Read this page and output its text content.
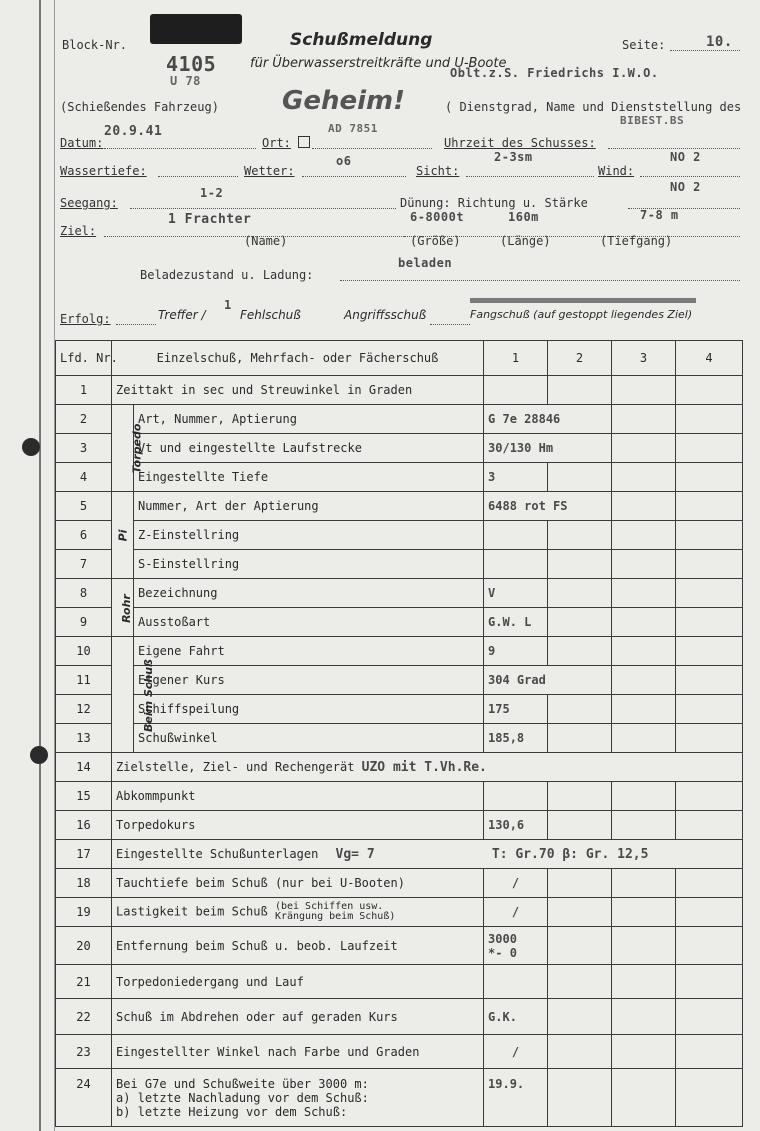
Block-Nr.
4105
U 78
Schußmeldung
für Überwasserstreitkräfte und U-Boote
Seite:	10.
Oblt.z.S. Friedrichs I.W.O.
(Schießendes Fahrzeug) Geheim!
AD 7851
( Dienstgrad, Name und Dienststellung des
BIBEST.BS
Datum:
20.9.41
Ort:	Uhrzeit des Schusses:
Wassertiefe:	Wetter:
o6
Sicht:
2-3sm
Wind:
NO 2
Seegang:
1-2
Dünung: Richtung u. Stärke
NO 2
Ziel:
1 Frachter	6-8000t	160m	7-8 m
(Name)	(Größe)	(Länge)	(Tiefgang)
Beladezustand u. Ladung:
beladen
Erfolg:	Treffer /
1
Fehlschuß	Angriffsschuß	Fangschuß (auf gestoppt liegendes Ziel)
Lfd. Nr.	Einzelschuß, Mehrfach- oder Fächerschuß		1	2	3	4
1	Zeittakt in sec und Streuwinkel in Graden					
2	Torpedo	Art, Nummer, Aptierung	G 7e 28846			
3		Vt und eingestellte Laufstrecke	30/130 Hm			
4		Eingestellte Tiefe	3			
5	Pi	Nummer, Art der Aptierung	6488 rot FS			
6		Z-Einstellring				
7		S-Einstellring				
8	Rohr	Bezeichnung	V			
9		Ausstoßart	G.W. L			
10	Beim Schuß	Eigene Fahrt	9			
11		Eigener Kurs	304 Grad			
12		Schiffspeilung	175			
13		Schußwinkel	185,8			
14	Zielstelle, Ziel- und Rechengerät UZO mit T.Vh.Re.					
15	Abkommpunkt					
16	Torpedokurs		130,6			
17	Eingestellte Schußunterlagen Vg= 7 T: Gr.70 β: Gr. 12,5					
18	Tauchtiefe beim Schuß (nur bei U-Booten)		/			
19	Lastigkeit beim Schuß (bei Schiffen usw. Krängung beim Schuß)		/			
20	Entfernung beim Schuß u. beob. Laufzeit		3000
*- 0			

21	Torpedoniedergang und Lauf					
22	Schuß im Abdrehen oder auf geraden Kurs		G.K.			
23	Eingestellter Winkel nach Farbe und Graden		/			
24	Bei G7e und Schußweite über 3000 m:
a) letzte Nachladung vor dem Schuß:
b) letzte Heizung vor dem Schuß:		19.9.			
